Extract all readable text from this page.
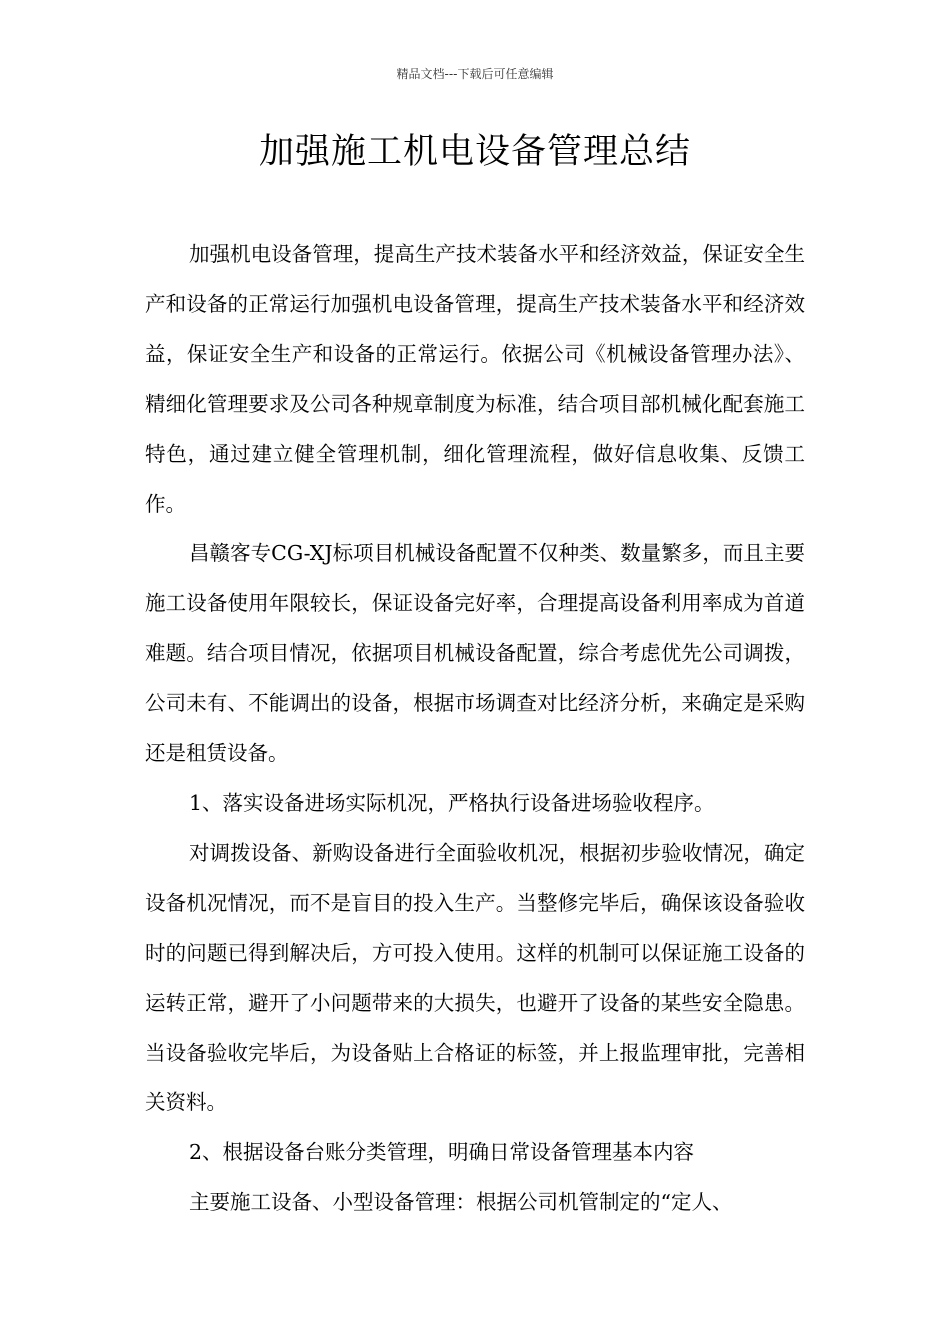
精品文档---下载后可任意编辑
加强施工机电设备管理总结

加强机电设备管理，提高生产技术装备水平和经济效益，保证安全生产和设备的正常运行加强机电设备管理，提高生产技术装备水平和经济效益，保证安全生产和设备的正常运行。依据公司《机械设备管理办法》、精细化管理要求及公司各种规章制度为标准，结合项目部机械化配套施工特色，通过建立健全管理机制，细化管理流程，做好信息收集、反馈工作。

昌赣客专CG-XJ标项目机械设备配置不仅种类、数量繁多，而且主要施工设备使用年限较长，保证设备完好率，合理提高设备利用率成为首道难题。结合项目情况，依据项目机械设备配置，综合考虑优先公司调拨，公司未有、不能调出的设备，根据市场调查对比经济分析，来确定是采购还是租赁设备。

1、落实设备进场实际机况，严格执行设备进场验收程序。

对调拨设备、新购设备进行全面验收机况，根据初步验收情况，确定设备机况情况，而不是盲目的投入生产。当整修完毕后，确保该设备验收时的问题已得到解决后，方可投入使用。这样的机制可以保证施工设备的运转正常，避开了小问题带来的大损失，也避开了设备的某些安全隐患。当设备验收完毕后，为设备贴上合格证的标签，并上报监理审批，完善相关资料。

2、根据设备台账分类管理，明确日常设备管理基本内容

主要施工设备、小型设备管理：根据公司机管制定的“定人、
